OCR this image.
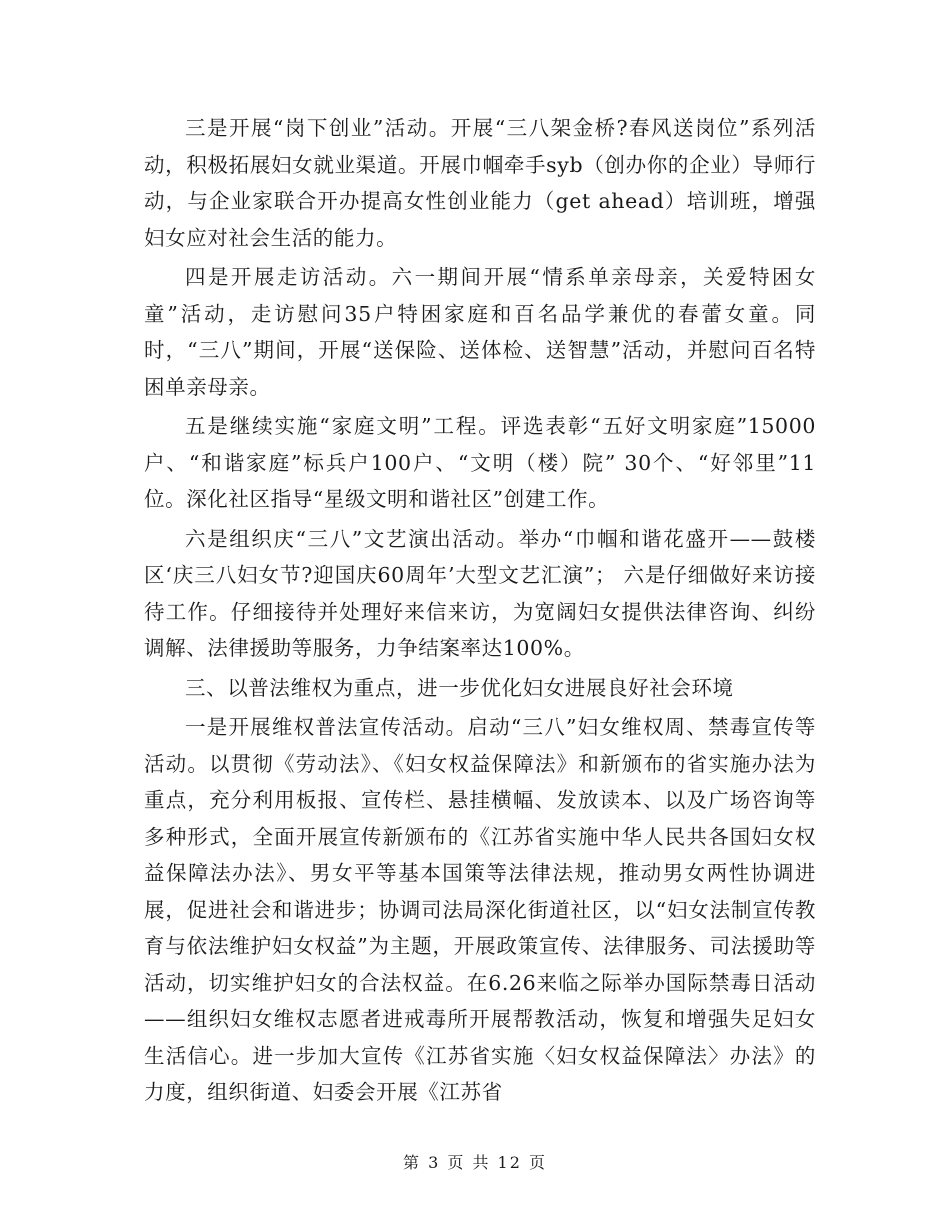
三是开展“岗下创业”活动。开展“三八架金桥?春风送岗位”系列活动，积极拓展妇女就业渠道。开展巾帼牵手syb（创办你的企业）导师行动，与企业家联合开办提高女性创业能力（get ahead）培训班，增强妇女应对社会生活的能力。

四是开展走访活动。六一期间开展“情系单亲母亲，关爱特困女童”活动，走访慰问35户特困家庭和百名品学兼优的春蕾女童。同时，“三八”期间，开展“送保险、送体检、送智慧”活动，并慰问百名特困单亲母亲。

五是继续实施“家庭文明”工程。评选表彰“五好文明家庭”15000户、“和谐家庭”标兵户100户、“文明（楼）院” 30个、“好邻里”11位。深化社区指导“星级文明和谐社区”创建工作。

六是组织庆“三八”文艺演出活动。举办“巾帼和谐花盛开——鼓楼区‘庆三八妇女节?迎国庆60周年’大型文艺汇演”； 六是仔细做好来访接待工作。仔细接待并处理好来信来访，为宽阔妇女提供法律咨询、纠纷调解、法律援助等服务，力争结案率达100%。

三、以普法维权为重点，进一步优化妇女进展良好社会环境

一是开展维权普法宣传活动。启动“三八”妇女维权周、禁毒宣传等活动。以贯彻《劳动法》、《妇女权益保障法》和新颁布的省实施办法为重点，充分利用板报、宣传栏、悬挂横幅、发放读本、以及广场咨询等多种形式，全面开展宣传新颁布的《江苏省实施中华人民共各国妇女权益保障法办法》、男女平等基本国策等法律法规，推动男女两性协调进展，促进社会和谐进步；协调司法局深化街道社区，以“妇女法制宣传教育与依法维护妇女权益”为主题，开展政策宣传、法律服务、司法援助等活动，切实维护妇女的合法权益。在6.26来临之际举办国际禁毒日活动——组织妇女维权志愿者进戒毒所开展帮教活动，恢复和增强失足妇女生活信心。进一步加大宣传《江苏省实施〈妇女权益保障法〉办法》的力度，组织街道、妇委会开展《江苏省

第 3 页 共 12 页
